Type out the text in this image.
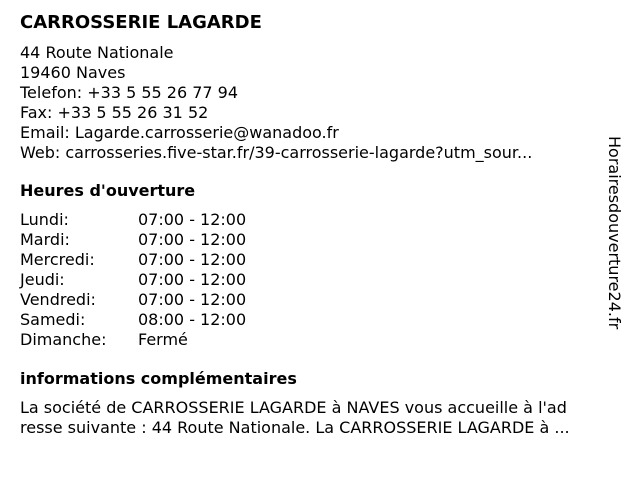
CARROSSERIE LAGARDE
44 Route Nationale
19460 Naves
Telefon: +33 5 55 26 77 94
Fax: +33 5 55 26 31 52
Email: Lagarde.carrosserie@wanadoo.fr
Web: carrosseries.five-star.fr/39-carrosserie-lagarde?utm_sour...
Heures d'ouverture
Lundi:	07:00 - 12:00
Mardi:	07:00 - 12:00
Mercredi:	07:00 - 12:00
Jeudi:	07:00 - 12:00
Vendredi:	07:00 - 12:00
Samedi:	08:00 - 12:00
Dimanche:	Fermé
informations complémentaires
La société de CARROSSERIE LAGARDE à NAVES vous accueille à l'ad
resse suivante : 44 Route Nationale. La CARROSSERIE LAGARDE à ...
Horairesdouverture24.fr
